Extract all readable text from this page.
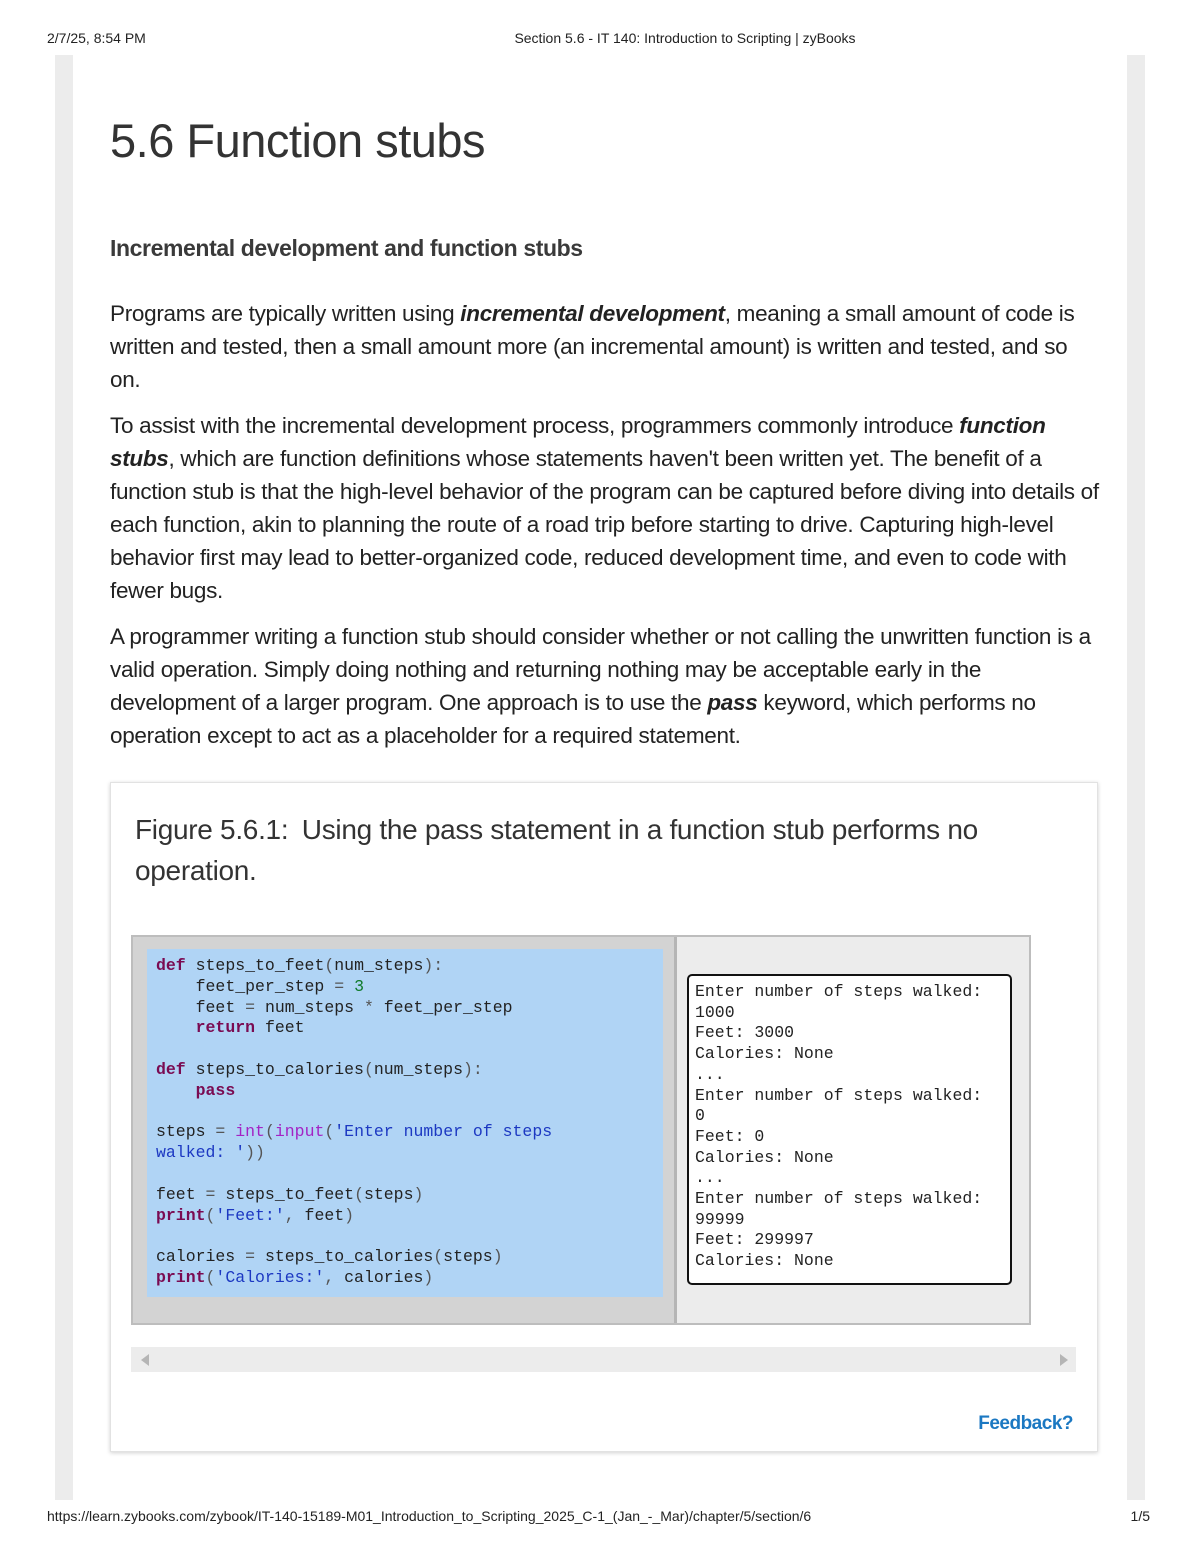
2/7/25, 8:54 PM	Section 5.6 - IT 140: Introduction to Scripting | zyBooks
5.6 Function stubs
Incremental development and function stubs

Programs are typically written using incremental development, meaning a small amount of code is written and tested, then a small amount more (an incremental amount) is written and tested, and so on.

To assist with the incremental development process, programmers commonly introduce function stubs, which are function definitions whose statements haven't been written yet. The benefit of a function stub is that the high-level behavior of the program can be captured before diving into details of each function, akin to planning the route of a road trip before starting to drive. Capturing high-level behavior first may lead to better-organized code, reduced development time, and even to code with fewer bugs.

A programmer writing a function stub should consider whether or not calling the unwritten function is a valid operation. Simply doing nothing and returning nothing may be acceptable early in the development of a larger program. One approach is to use the pass keyword, which performs no operation except to act as a placeholder for a required statement.

Figure 5.6.1: Using the pass statement in a function stub performs no operation.
def steps_to_feet(num_steps):
feet_per_step = 3
feet = num_steps * feet_per_step
return feet

def steps_to_calories(num_steps):
pass

steps = int(input('Enter number of steps
walked: '))

feet = steps_to_feet(steps)
print('Feet:', feet)

calories = steps_to_calories(steps)
print('Calories:', calories)
Enter number of steps walked:
1000
Feet: 3000
Calories: None
...
Enter number of steps walked:
0
Feet: 0
Calories: None
...
Enter number of steps walked:
99999
Feet: 299997
Calories: None
Feedback?
https://learn.zybooks.com/zybook/IT-140-15189-M01_Introduction_to_Scripting_2025_C-1_(Jan_-_Mar)/chapter/5/section/6	1/5
